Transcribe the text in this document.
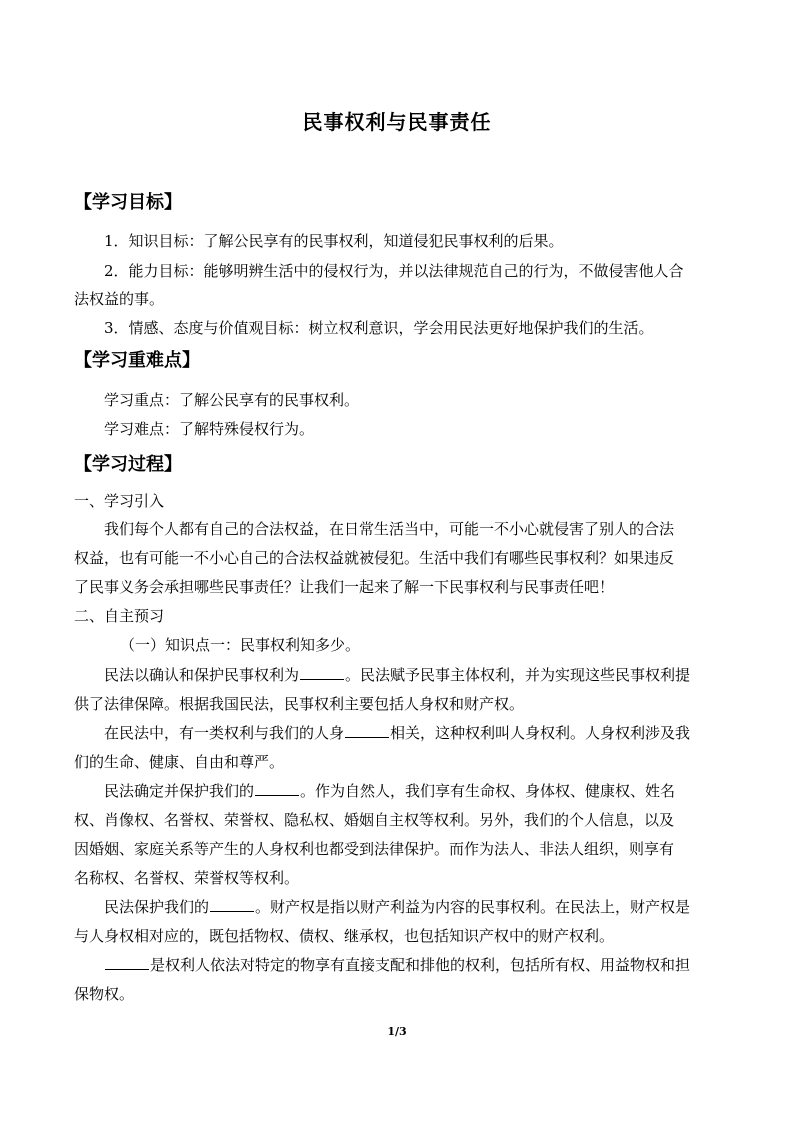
民事权利与民事责任
【学习目标】
1．知识目标：了解公民享有的民事权利，知道侵犯民事权利的后果。
2．能力目标：能够明辨生活中的侵权行为，并以法律规范自己的行为，不做侵害他人合
法权益的事。
3．情感、态度与价值观目标：树立权利意识，学会用民法更好地保护我们的生活。
【学习重难点】
学习重点：了解公民享有的民事权利。
学习难点：了解特殊侵权行为。
【学习过程】
一、学习引入
我们每个人都有自己的合法权益，在日常生活当中，可能一不小心就侵害了别人的合法
权益，也有可能一不小心自己的合法权益就被侵犯。生活中我们有哪些民事权利？如果违反
了民事义务会承担哪些民事责任？让我们一起来了解一下民事权利与民事责任吧！
二、自主预习
（一）知识点一：民事权利知多少。
民法以确认和保护民事权利为	。民法赋予民事主体权利，并为实现这些民事权利提
供了法律保障。根据我国民法，民事权利主要包括人身权和财产权。
在民法中，有一类权利与我们的人身	相关，这种权利叫人身权利。人身权利涉及我
们的生命、健康、自由和尊严。
民法确定并保护我们的	。作为自然人，我们享有生命权、身体权、健康权、姓名
权、肖像权、名誉权、荣誉权、隐私权、婚姻自主权等权利。另外，我们的个人信息，以及
因婚姻、家庭关系等产生的人身权利也都受到法律保护。而作为法人、非法人组织，则享有
名称权、名誉权、荣誉权等权利。
民法保护我们的	。财产权是指以财产利益为内容的民事权利。在民法上，财产权是
与人身权相对应的，既包括物权、债权、继承权，也包括知识产权中的财产权利。
是权利人依法对特定的物享有直接支配和排他的权利，包括所有权、用益物权和担
保物权。
1/3
